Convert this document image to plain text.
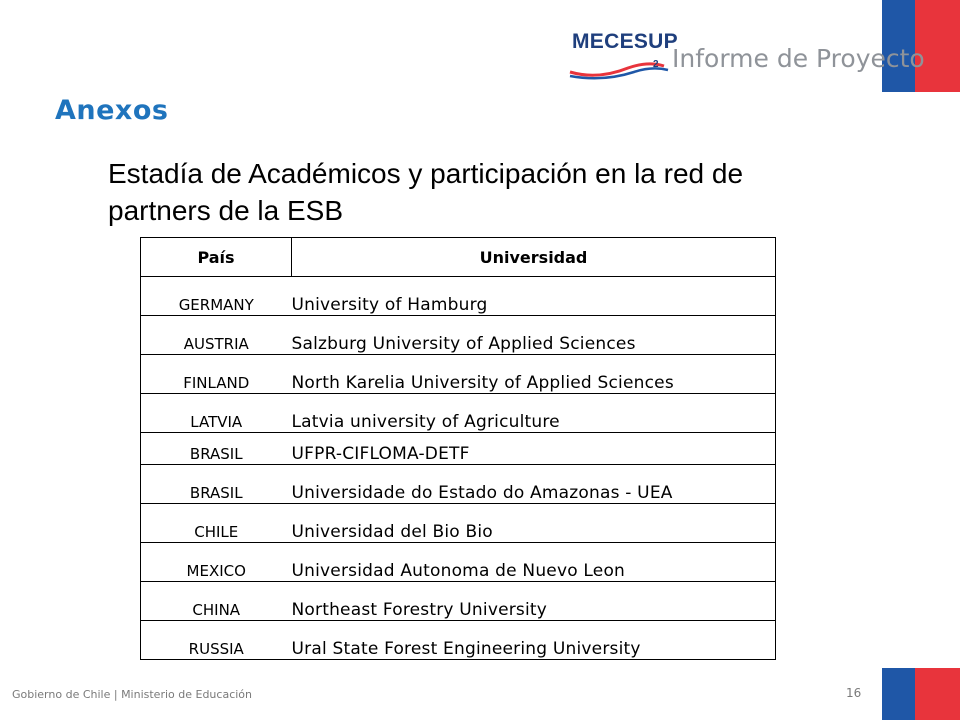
MECESUP
2 Informe de Proyecto
Anexos
Estadía de Académicos y participación en la red de partners de la ESB
País	Universidad
GERMANY	University of Hamburg
AUSTRIA	Salzburg University of Applied Sciences
FINLAND	North Karelia University of Applied Sciences
LATVIA	Latvia university of Agriculture
BRASIL	UFPR-CIFLOMA-DETF
BRASIL	Universidade do Estado do Amazonas - UEA
CHILE	Universidad del Bio Bio
MEXICO	Universidad Autonoma de Nuevo Leon
CHINA	Northeast Forestry University
RUSSIA	Ural State Forest Engineering University
Gobierno de Chile | Ministerio de Educación	16
